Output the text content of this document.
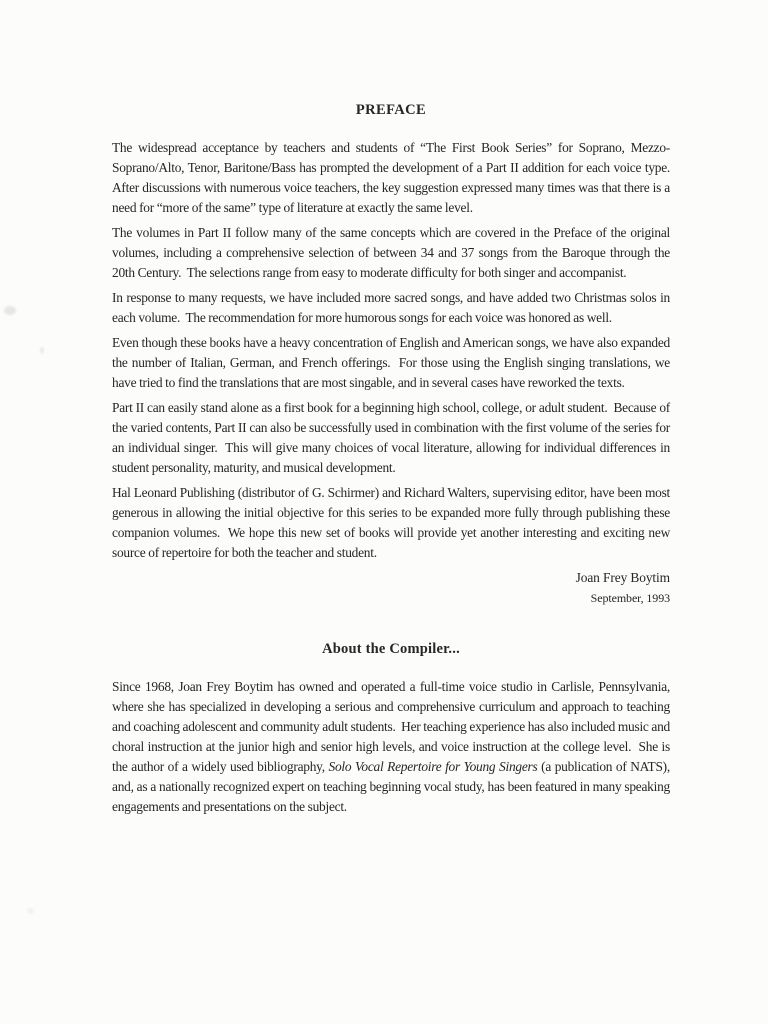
PREFACE

The widespread acceptance by teachers and students of “The First Book Series” for Soprano, Mezzo-Soprano/Alto, Tenor, Baritone/Bass has prompted the development of a Part II addition for each voice type.  After discussions with numerous voice teachers, the key suggestion expressed many times was that there is a need for “more of the same” type of literature at exactly the same level.

The volumes in Part II follow many of the same concepts which are covered in the Preface of the original volumes, including a comprehensive selection of between 34 and 37 songs from the Baroque through the 20th Century.  The selections range from easy to moderate difficulty for both singer and accompanist.

In response to many requests, we have included more sacred songs, and have added two Christmas solos in each volume.  The recommendation for more humorous songs for each voice was honored as well.

Even though these books have a heavy concentration of English and American songs, we have also expanded the number of Italian, German, and French offerings.  For those using the English singing translations, we have tried to find the translations that are most singable, and in several cases have reworked the texts.

Part II can easily stand alone as a first book for a beginning high school, college, or adult student.  Because of the varied contents, Part II can also be successfully used in combination with the first volume of the series for an individual singer.  This will give many choices of vocal literature, allowing for individual differences in student personality, maturity, and musical development.

Hal Leonard Publishing (distributor of G. Schirmer) and Richard Walters, supervising editor, have been most generous in allowing the initial objective for this series to be expanded more fully through publishing these companion volumes.  We hope this new set of books will provide yet another interesting and exciting new source of repertoire for both the teacher and student.

Joan Frey Boytim
September, 1993
About the Compiler...

Since 1968, Joan Frey Boytim has owned and operated a full-time voice studio in Carlisle, Pennsylvania, where she has specialized in developing a serious and comprehensive curriculum and approach to teaching and coaching adolescent and community adult students.  Her teaching experience has also included music and choral instruction at the junior high and senior high levels, and voice instruction at the college level.  She is the author of a widely used bibliography, Solo Vocal Repertoire for Young Singers (a publication of NATS), and, as a nationally recognized expert on teaching beginning vocal study, has been featured in many speaking engagements and presentations on the subject.
